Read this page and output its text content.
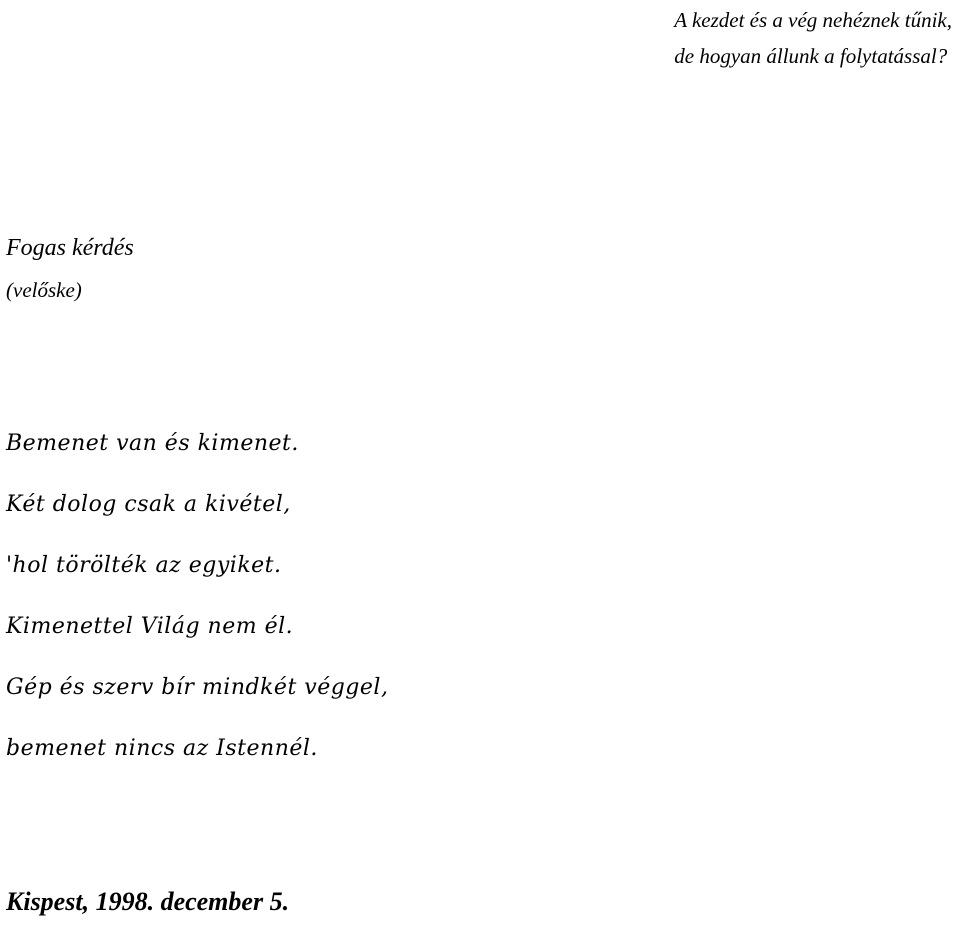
A kezdet és a vég nehéznek tűnik,
de hogyan állunk a folytatással?
Fogas kérdés
(velőske)
Bemenet van és kimenet.
Két dolog csak a kivétel,
'hol törölték az egyiket.
Kimenettel Világ nem él.
Gép és szerv bír mindkét véggel,
bemenet nincs az Istennél.
Kispest, 1998. december 5.
